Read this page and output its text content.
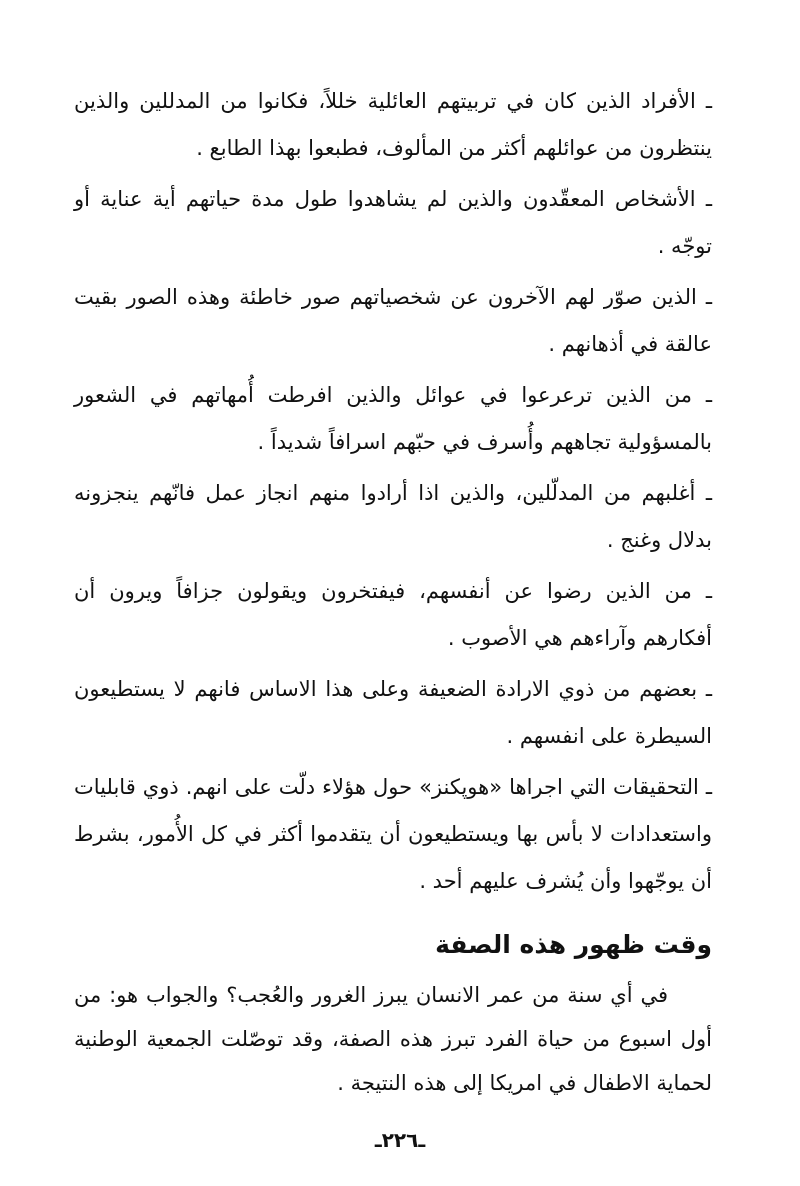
ـ الأفراد الذين كان في تربيتهم العائلية خللاً، فكانوا من المدللين والذين ينتظرون من عوائلهم أكثر من المألوف، فطبعوا بهذا الطابع .
ـ الأشخاص المعقّدون والذين لم يشاهدوا طول مدة حياتهم أية عناية أو توجّه .
ـ الذين صوّر لهم الآخرون عن شخصياتهم صور خاطئة وهذه الصور بقيت عالقة في أذهانهم .
ـ من الذين ترعرعوا في عوائل والذين افرطت أُمهاتهم في الشعور بالمسؤولية تجاههم وأُسرف في حبّهم اسرافاً شديداً .
ـ أغلبهم من المدلّلين، والذين اذا أرادوا منهم انجاز عمل فانّهم ينجزونه بدلال وغنج .
ـ من الذين رضوا عن أنفسهم، فيفتخرون ويقولون جزافاً ويرون أن أفكارهم وآراءهم هي الأصوب .
ـ بعضهم من ذوي الارادة الضعيفة وعلى هذا الاساس فانهم لا يستطيعون السيطرة على انفسهم .
ـ التحقيقات التي اجراها «هوپكنز» حول هؤلاء دلّت على انهم. ذوي قابليات واستعدادات لا بأس بها ويستطيعون أن يتقدموا أكثر في كل الأُمور، بشرط أن يوجّهوا وأن يُشرف عليهم أحد .
وقت ظهور هذه الصفة

في أي سنة من عمر الانسان يبرز الغرور والعُجب؟ والجواب هو: من أول اسبوع من حياة الفرد تبرز هذه الصفة، وقد توصّلت الجمعية الوطنية لحماية الاطفال في امريكا إلى هذه النتيجة .

ـ٢٢٦ـ
